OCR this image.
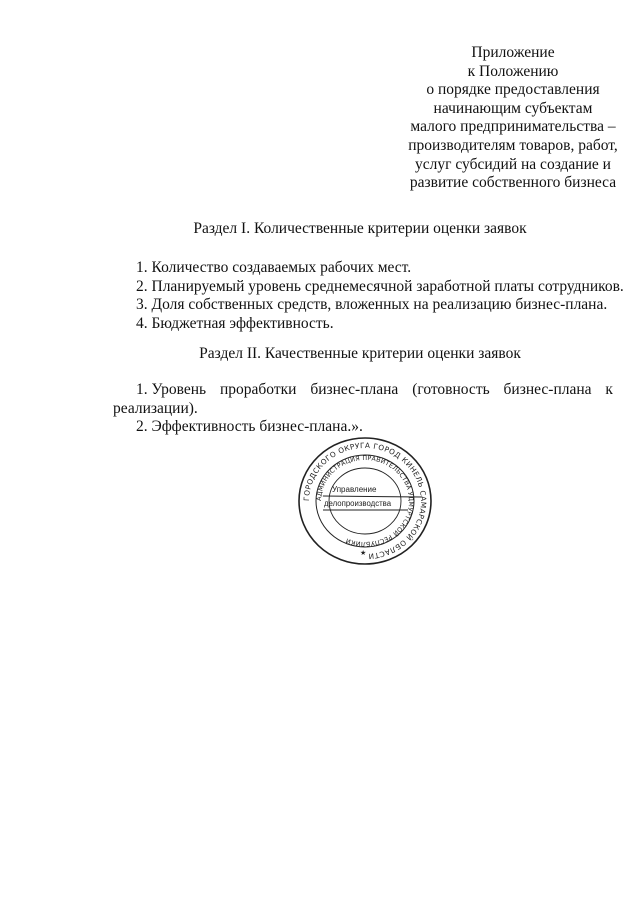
Приложение
к Положению
о порядке предоставления
начинающим субъектам
малого предпринимательства –
производителям товаров, работ,
услуг субсидий на создание и
развитие собственного бизнеса
Раздел I. Количественные критерии оценки заявок
1. Количество создаваемых рабочих мест.
2. Планируемый уровень среднемесячной заработной платы сотрудников.
3. Доля собственных средств, вложенных на реализацию бизнес-плана.
4. Бюджетная эффективность.
Раздел II. Качественные критерии оценки заявок
1. Уровень проработки бизнес-плана (готовность бизнес-плана к
реализации).
2. Эффективность бизнес-плана.».
ГОРОДСКОГО ОКРУГА ГОРОД КИНЕЛЬ САМАРСКОЙ ОБЛАСТИ
АДМИНИСТРАЦИЯ ПРАВИТЕЛЬСТВА УДМУРТСКОЙ РЕСПУБЛИКИ
Управление
делопроизводства
★
